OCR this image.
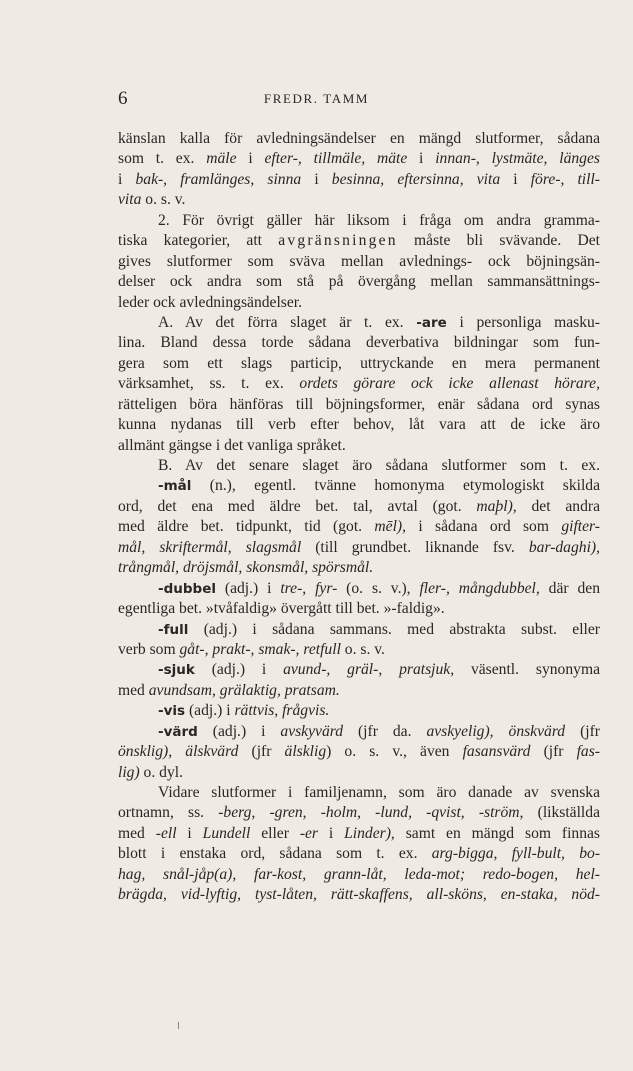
6	FREDR. TAMM
känslan kalla för avledningsändelser en mängd slutformer, sådana
som t. ex. mäle i efter-, tillmäle, mäte i innan-, lystmäte, länges
i bak-, framlänges, sinna i besinna, eftersinna, vita i före-, till-
vita o. s. v.
2. För övrigt gäller här liksom i fråga om andra gramma-
tiska kategorier, att avgränsningen måste bli svävande. Det
gives slutformer som sväva mellan avlednings- ock böjningsän-
delser ock andra som stå på övergång mellan sammansättnings-
leder ock avledningsändelser.
A. Av det förra slaget är t. ex. -are i personliga masku-
lina. Bland dessa torde sådana deverbativa bildningar som fun-
gera som ett slags particip, uttryckande en mera permanent
värksamhet, ss. t. ex. ordets görare ock icke allenast hörare,
rätteligen böra hänföras till böjningsformer, enär sådana ord synas
kunna nydanas till verb efter behov, låt vara att de icke äro
allmänt gängse i det vanliga språket.
B. Av det senare slaget äro sådana slutformer som t. ex.
-mål (n.), egentl. tvänne homonyma etymologiskt skilda
ord, det ena med äldre bet. tal, avtal (got. maþl), det andra
med äldre bet. tidpunkt, tid (got. mēl), i sådana ord som gifter-
mål, skriftermål, slagsmål (till grundbet. liknande fsv. bar-daghi),
trångmål, dröjsmål, skonsmål, spörsmål.
-dubbel (adj.) i tre-, fyr- (o. s. v.), fler-, mångdubbel, där den
egentliga bet. »tvåfaldig» övergått till bet. »-faldig».
-full (adj.) i sådana sammans. med abstrakta subst. eller
verb som gåt-, prakt-, smak-, retfull o. s. v.
-sjuk (adj.) i avund-, gräl-, pratsjuk, väsentl. synonyma
med avundsam, grälaktig, pratsam.
-vis (adj.) i rättvis, frågvis.
-värd (adj.) i avskyvärd (jfr da. avskyelig), önskvärd (jfr
önsklig), älskvärd (jfr älsklig) o. s. v., även fasansvärd (jfr fas-
lig) o. dyl.
Vidare slutformer i familjenamn, som äro danade av svenska
ortnamn, ss. -berg, -gren, -holm, -lund, -qvist, -ström, (likställda
med -ell i Lundell eller -er i Linder), samt en mängd som finnas
blott i enstaka ord, sådana som t. ex. arg-bigga, fyll-bult, bo-
hag, snål-jåp(a), far-kost, grann-låt, leda-mot; redo-bogen, hel-
brägda, vid-lyftig, tyst-låten, rätt-skaffens, all-sköns, en-staka, nöd-
